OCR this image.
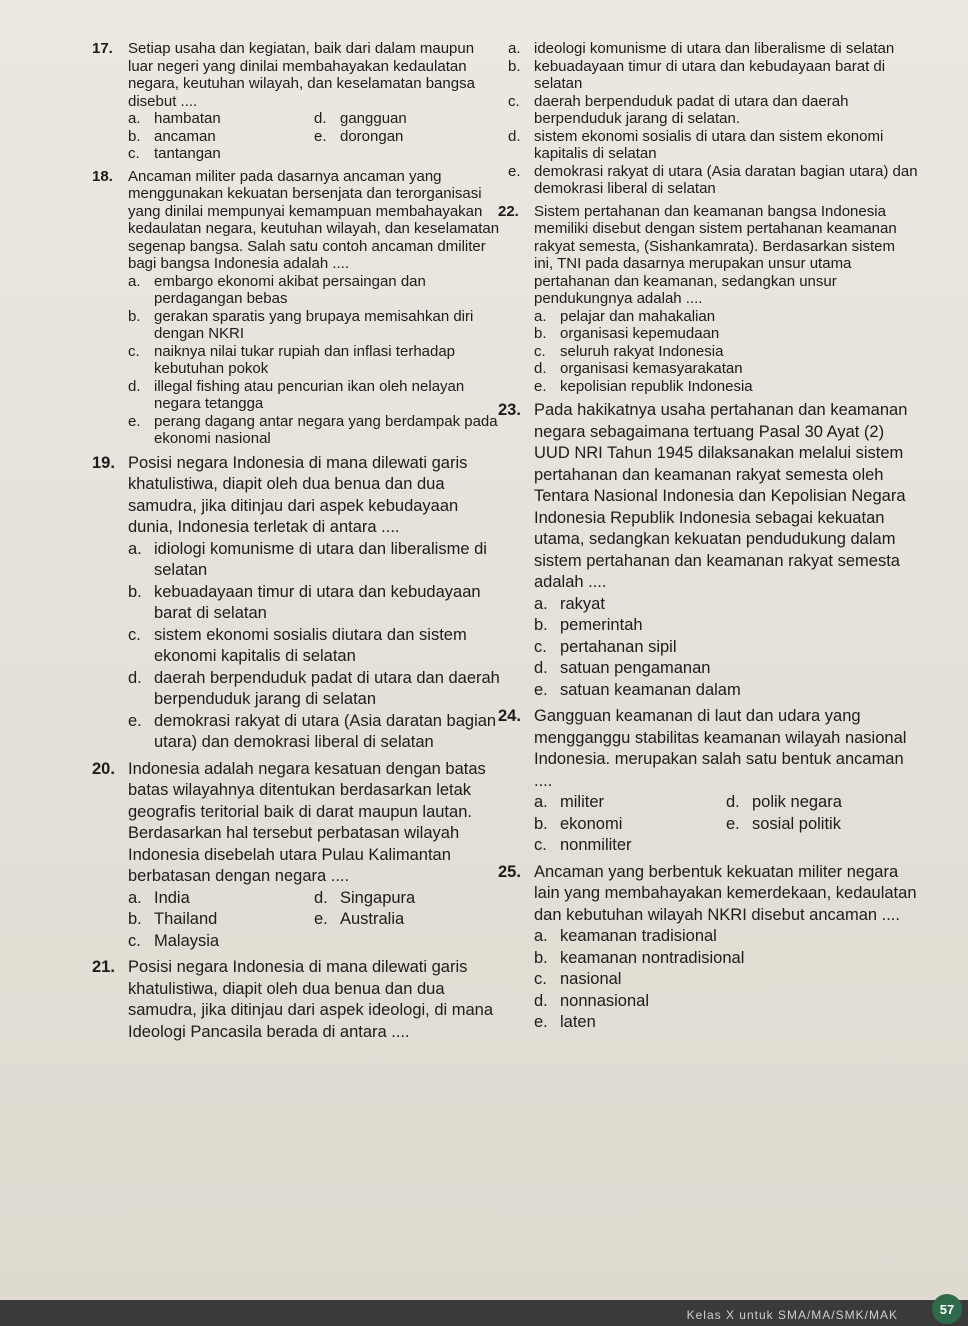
17.	Setiap usaha dan kegiatan, baik dari dalam maupun luar negeri yang dinilai membahayakan kedaulatan negara, keutuhan wilayah, dan keselamatan bangsa disebut ....
a. hambatan	d. gangguan
b. ancaman	e. dorongan
c. tantangan
18.	Ancaman militer pada dasarnya ancaman yang menggunakan kekuatan bersenjata dan terorganisasi yang dinilai mempunyai kemampuan membahayakan kedaulatan negara, keutuhan wilayah, dan keselamatan segenap bangsa. Salah satu contoh ancaman dmiliter bagi bangsa Indonesia adalah ....
a. embargo ekonomi akibat persaingan dan perdagangan bebas
b. gerakan sparatis yang brupaya memisahkan diri dengan NKRI
c. naiknya nilai tukar rupiah dan inflasi terhadap kebutuhan pokok
d. illegal fishing atau pencurian ikan oleh nelayan negara tetangga
e. perang dagang antar negara yang berdampak pada ekonomi nasional
19. Posisi negara Indonesia di mana dilewati garis khatulistiwa, diapit oleh dua benua dan dua samudra, jika ditinjau dari aspek kebudayaan dunia, Indonesia terletak di antara ....
a. idiologi komunisme di utara dan liberalisme di selatan
b. kebuadayaan timur di utara dan kebudayaan barat di selatan
c. sistem ekonomi sosialis diutara dan sistem ekonomi kapitalis di selatan
d. daerah berpenduduk padat di utara dan daerah berpenduduk jarang di selatan
e. demokrasi rakyat di utara (Asia daratan bagian utara) dan demokrasi liberal di selatan
20. Indonesia adalah negara kesatuan dengan batas batas wilayahnya ditentukan berdasarkan letak geografis teritorial baik di darat maupun lautan. Berdasarkan hal tersebut perbatasan wilayah Indonesia disebelah utara Pulau Kalimantan berbatasan dengan negara ....
a. India	d. Singapura
b. Thailand	e. Australia
c. Malaysia
21. Posisi negara Indonesia di mana dilewati garis khatulistiwa, diapit oleh dua benua dan dua samudra, jika ditinjau dari aspek ideologi, di mana Ideologi Pancasila berada di antara ....
a. ideologi komunisme di utara dan liberalisme di selatan
b. kebuadayaan timur di utara dan kebudayaan barat di selatan
c. daerah berpenduduk padat di utara dan daerah berpenduduk jarang di selatan.
d. sistem ekonomi sosialis di utara dan sistem ekonomi kapitalis di selatan
e. demokrasi rakyat di utara (Asia daratan bagian utara) dan demokrasi liberal di selatan
22.	Sistem pertahanan dan keamanan bangsa Indonesia memiliki disebut dengan sistem pertahanan keamanan rakyat semesta, (Sishankamrata). Berdasarkan sistem ini, TNI pada dasarnya merupakan unsur utama pertahanan dan keamanan, sedangkan unsur pendukungnya adalah ....
a. pelajar dan mahakalian
b. organisasi kepemudaan
c. seluruh rakyat Indonesia
d. organisasi kemasyarakatan
e. kepolisian republik Indonesia
23. Pada hakikatnya usaha pertahanan dan keamanan negara sebagaimana tertuang Pasal 30 Ayat (2) UUD NRI Tahun 1945 dilaksanakan melalui sistem pertahanan dan keamanan rakyat semesta oleh Tentara Nasional Indonesia dan Kepolisian Negara Indonesia Republik Indonesia sebagai kekuatan utama, sedangkan kekuatan pendudukung dalam sistem pertahanan dan keamanan rakyat semesta adalah ....
a. rakyat
b. pemerintah
c. pertahanan sipil
d. satuan pengamanan
e. satuan keamanan dalam
24. Gangguan keamanan di laut dan udara yang mengganggu stabilitas keamanan wilayah nasional Indonesia. merupakan salah satu bentuk ancaman ....
a. militer	d. polik negara
b. ekonomi	e. sosial politik
c. nonmiliter
25. Ancaman yang berbentuk kekuatan militer negara lain yang membahayakan kemerdekaan, kedaulatan dan kebutuhan wilayah NKRI disebut ancaman ....
a. keamanan tradisional
b. keamanan nontradisional
c. nasional
d. nonnasional
e. laten
Kelas X untuk SMA/MA/SMK/MAK	57
